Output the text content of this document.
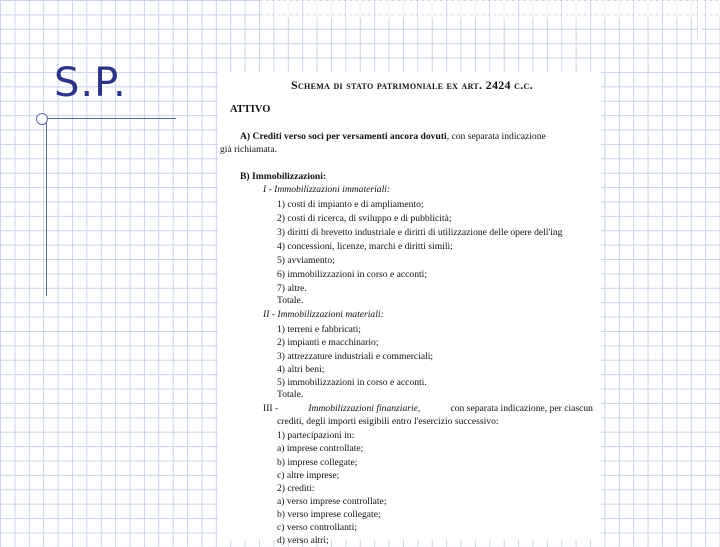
S.P.	Schema di stato patrimoniale ex art. 2424 c.c.
ATTIVO
A) Crediti verso soci per versamenti ancora dovuti, con separata indicazione
già richiamata.
B) Immobilizzazioni:
I - Immobilizzazioni immateriali:
1) costi di impianto e di ampliamento;
2) costi di ricerca, di sviluppo e di pubblicità;
3) diritti di brevetto industriale e diritti di utilizzazione delle opere dell'ing
4) concessioni, licenze, marchi e diritti simili;
5) avviamento;
6) immobilizzazioni in corso e acconti;
7) altre.
Totale.
II - Immobilizzazioni materiali:
1) terreni e fabbricati;
2) impianti e macchinario;
3) attrezzature industriali e commerciali;
4) altri beni;
5) immobilizzazioni in corso e acconti.
Totale.
III -	Immobilizzazioni finanziarie,	con separata indicazione, per ciascun
crediti, degli importi esigibili entro l'esercizio successivo:
1) partecipazioni in:
a) imprese controllate;
b) imprese collegate;
c) altre imprese;
2) crediti:
a) verso imprese controllate;
b) verso imprese collegate;
c) verso controllanti;
d) verso altri;
